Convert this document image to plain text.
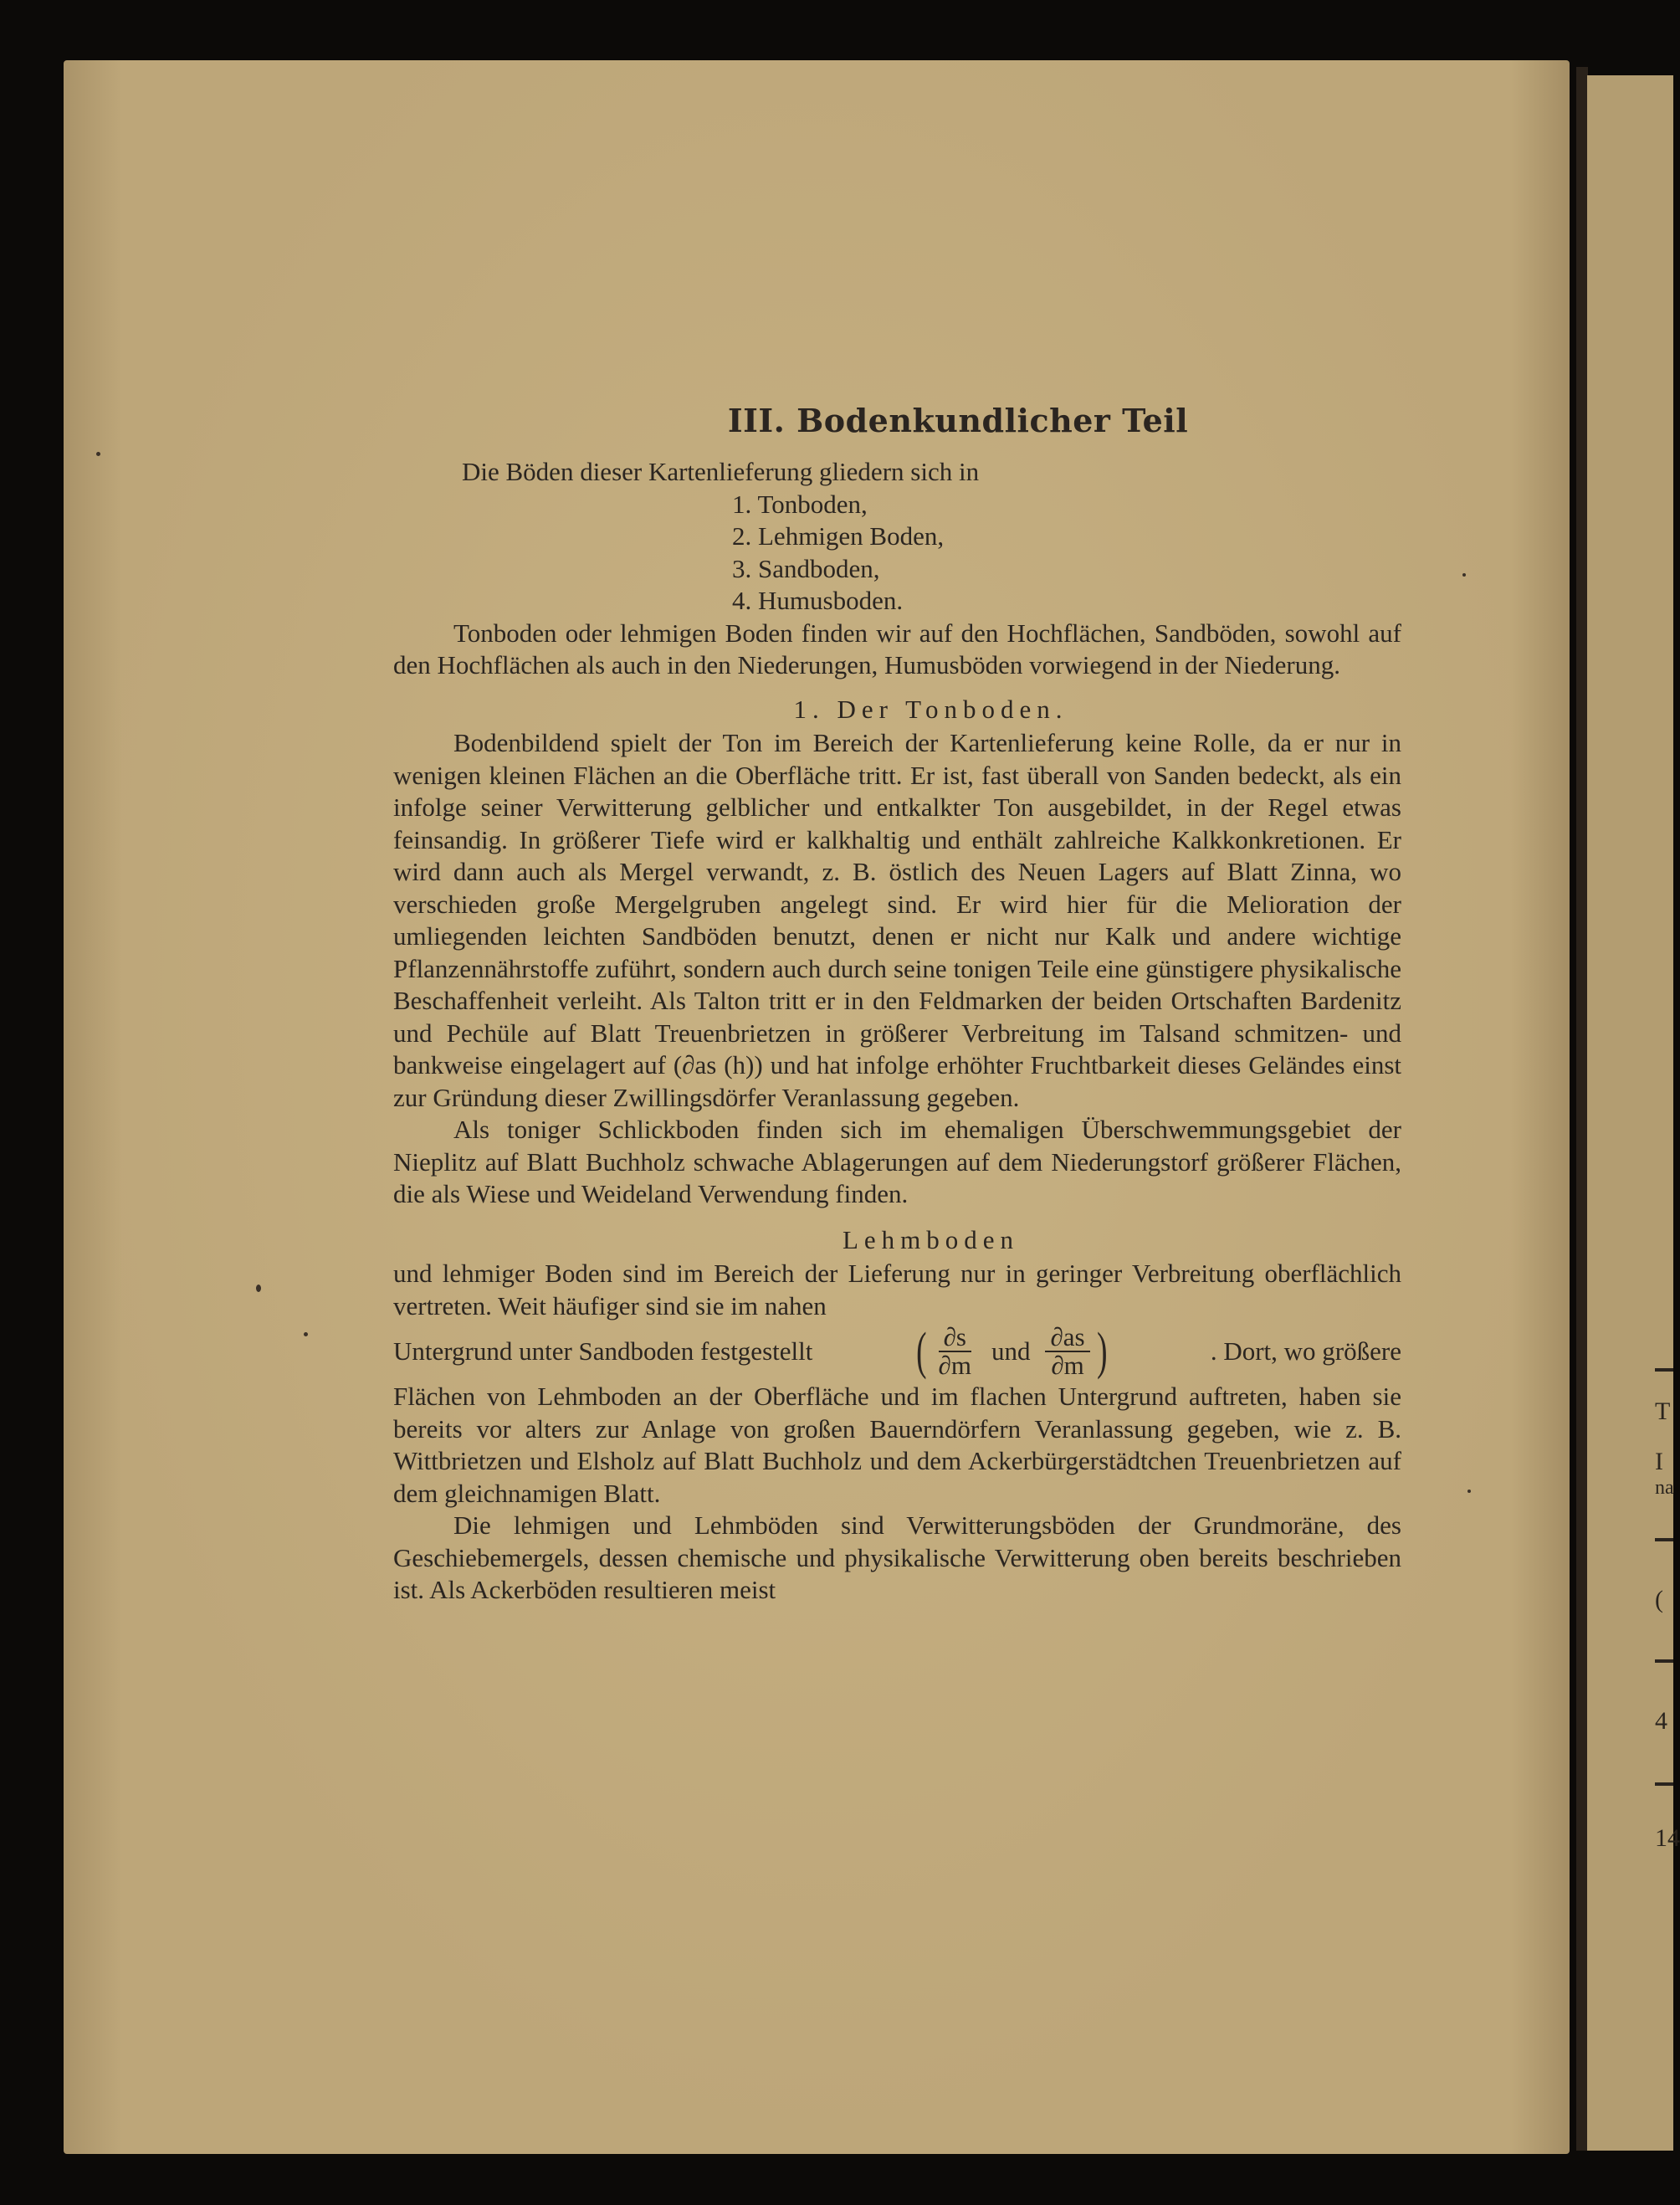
T
I
na
(
4
14
III. Bodenkundlicher Teil

Die Böden dieser Kartenlieferung gliedern sich in

1. Tonboden,
2. Lehmigen Boden,
3. Sandboden,
4. Humusboden.

Tonboden oder lehmigen Boden finden wir auf den Hochflächen, Sandböden, sowohl auf den Hochflächen als auch in den Niederungen, Humusböden vorwiegend in der Niederung.

1. Der Tonboden.

Bodenbildend spielt der Ton im Bereich der Kartenlieferung keine Rolle, da er nur in wenigen kleinen Flächen an die Oberfläche tritt. Er ist, fast überall von Sanden bedeckt, als ein infolge seiner Verwitterung gelblicher und entkalkter Ton ausgebildet, in der Regel etwas feinsandig. In größerer Tiefe wird er kalkhaltig und enthält zahlreiche Kalkkonkretionen. Er wird dann auch als Mergel verwandt, z. B. östlich des Neuen Lagers auf Blatt Zinna, wo verschieden große Mergelgruben angelegt sind. Er wird hier für die Melioration der umliegenden leichten Sandböden benutzt, denen er nicht nur Kalk und andere wichtige Pflanzennährstoffe zuführt, sondern auch durch seine tonigen Teile eine günstigere physikalische Beschaffenheit verleiht. Als Talton tritt er in den Feldmarken der beiden Ortschaften Bardenitz und Pechüle auf Blatt Treuenbrietzen in größerer Verbreitung im Talsand schmitzen- und bankweise eingelagert auf (∂as (h)) und hat infolge erhöhter Fruchtbarkeit dieses Geländes einst zur Gründung dieser Zwillingsdörfer Veranlassung gegeben.

Als toniger Schlickboden finden sich im ehemaligen Überschwemmungsgebiet der Nieplitz auf Blatt Buchholz schwache Ablagerungen auf dem Niederungstorf größerer Flächen, die als Wiese und Weideland Verwendung finden.

Lehmboden

und lehmiger Boden sind im Bereich der Lieferung nur in geringer Verbreitung oberflächlich vertreten. Weit häufiger sind sie im nahen

Untergrund unter Sandboden festgestellt ( $\frac{\partial s}{\partial m}$ und $\frac{\partial as}{\partial m}$ )	. Dort, wo größere

Flächen von Lehmboden an der Oberfläche und im flachen Untergrund auftreten, haben sie bereits vor alters zur Anlage von großen Bauerndörfern Veranlassung gegeben, wie z. B. Wittbrietzen und Elsholz auf Blatt Buchholz und dem Ackerbürgerstädtchen Treuenbrietzen auf dem gleichnamigen Blatt.

Die lehmigen und Lehmböden sind Verwitterungsböden der Grundmoräne, des Geschiebemergels, dessen chemische und physikalische Verwitterung oben bereits beschrieben ist. Als Ackerböden resultieren meist
